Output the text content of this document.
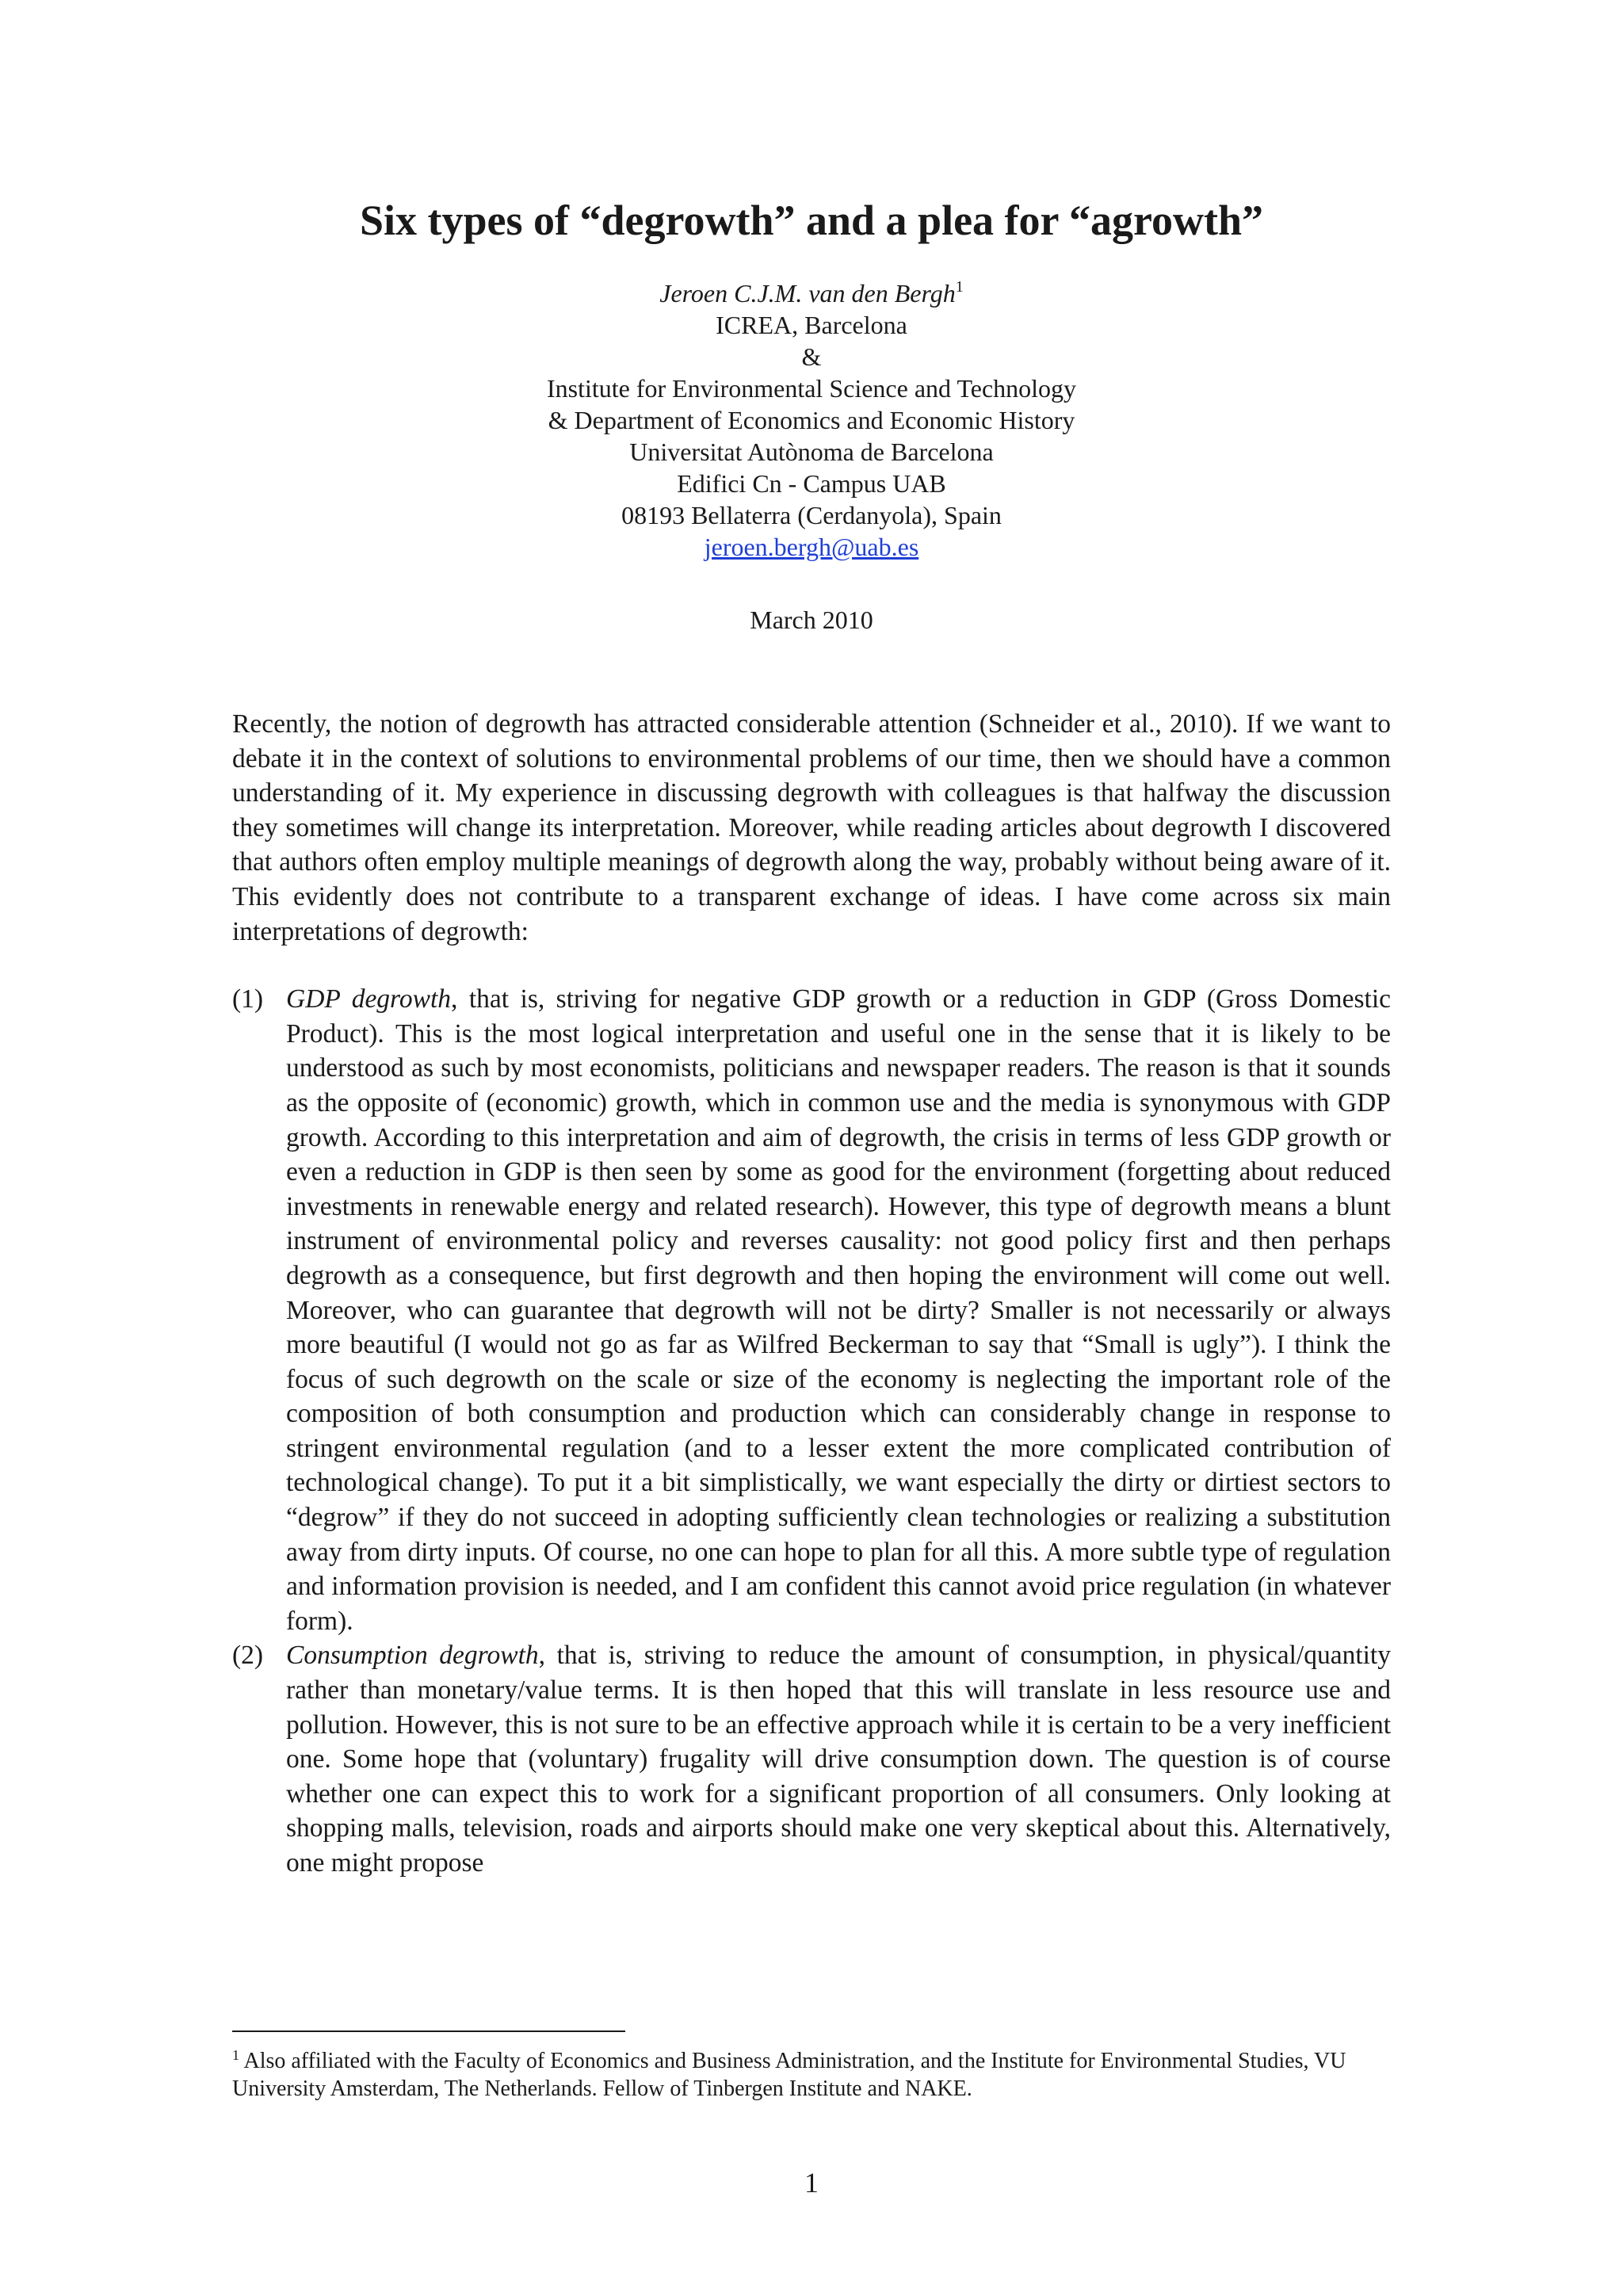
Six types of “degrowth” and a plea for “agrowth”
Jeroen C.J.M. van den Bergh$^1$
ICREA, Barcelona
&
Institute for Environmental Science and Technology
& Department of Economics and Economic History
Universitat Autònoma de Barcelona
Edifici Cn - Campus UAB
08193 Bellaterra (Cerdanyola), Spain
jeroen.bergh@uab.es
March 2010

Recently, the notion of degrowth has attracted considerable attention (Schneider et al., 2010). If we want to debate it in the context of solutions to environmental problems of our time, then we should have a common understanding of it. My experience in discussing degrowth with colleagues is that halfway the discussion they sometimes will change its interpretation. Moreover, while reading articles about degrowth I discovered that authors often employ multiple meanings of degrowth along the way, probably without being aware of it. This evidently does not contribute to a transparent exchange of ideas. I have come across six main interpretations of degrowth:

(1) GDP degrowth, that is, striving for negative GDP growth or a reduction in GDP (Gross Domestic Product). This is the most logical interpretation and useful one in the sense that it is likely to be understood as such by most economists, politicians and newspaper readers. The reason is that it sounds as the opposite of (economic) growth, which in common use and the media is synonymous with GDP growth. According to this interpretation and aim of degrowth, the crisis in terms of less GDP growth or even a reduction in GDP is then seen by some as good for the environment (forgetting about reduced investments in renewable energy and related research). However, this type of degrowth means a blunt instrument of environmental policy and reverses causality: not good policy first and then perhaps degrowth as a consequence, but first degrowth and then hoping the environment will come out well. Moreover, who can guarantee that degrowth will not be dirty? Smaller is not necessarily or always more beautiful (I would not go as far as Wilfred Beckerman to say that “Small is ugly”). I think the focus of such degrowth on the scale or size of the economy is neglecting the important role of the composition of both consumption and production which can considerably change in response to stringent environmental regulation (and to a lesser extent the more complicated contribution of technological change). To put it a bit simplistically, we want especially the dirty or dirtiest sectors to “degrow” if they do not succeed in adopting sufficiently clean technologies or realizing a substitution away from dirty inputs. Of course, no one can hope to plan for all this. A more subtle type of regulation and information provision is needed, and I am confident this cannot avoid price regulation (in whatever form).
(2) Consumption degrowth, that is, striving to reduce the amount of consumption, in physical/quantity rather than monetary/value terms. It is then hoped that this will translate in less resource use and pollution. However, this is not sure to be an effective approach while it is certain to be a very inefficient one. Some hope that (voluntary) frugality will drive consumption down. The question is of course whether one can expect this to work for a significant proportion of all consumers. Only looking at shopping malls, television, roads and airports should make one very skeptical about this. Alternatively, one might propose
$^1$ Also affiliated with the Faculty of Economics and Business Administration, and the Institute for Environmental Studies, VU University Amsterdam, The Netherlands. Fellow of Tinbergen Institute and NAKE.
1
